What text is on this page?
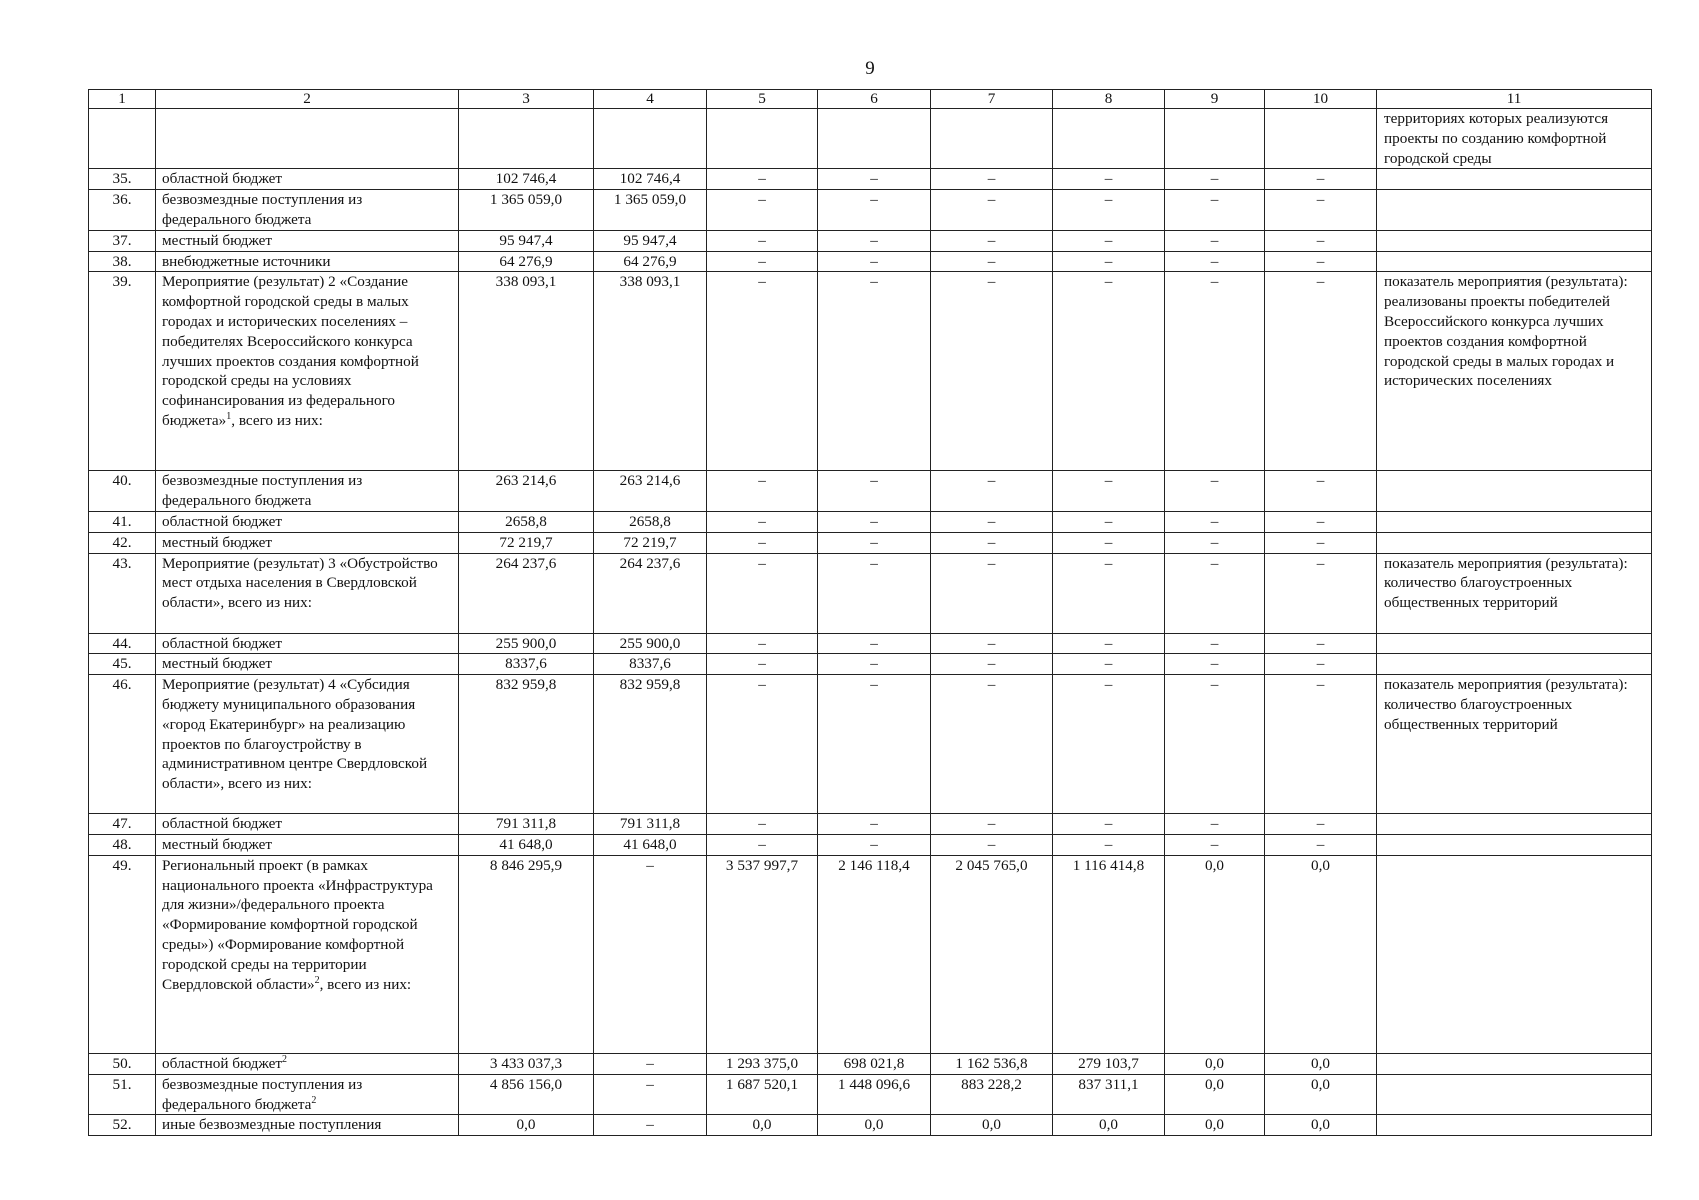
9
1	2	3	4	5	6	7	8	9	10	11
										территориях которых реализуются проекты по созданию комфортной городской среды
35.	областной бюджет	102 746,4	102 746,4	–	–	–	–	–	–	
36.	безвозмездные поступления из федерального бюджета	1 365 059,0	1 365 059,0	–	–	–	–	–	–	
37.	местный бюджет	95 947,4	95 947,4	–	–	–	–	–	–	
38.	внебюджетные источники	64 276,9	64 276,9	–	–	–	–	–	–	
39.	Мероприятие (результат) 2 «Создание комфортной городской среды в малых городах и исторических поселениях – победителях Всероссийского конкурса лучших проектов создания комфортной городской среды на условиях софинансирования из федерального бюджета»$^1$, всего из них:	338 093,1	338 093,1	–	–	–	–	–	–	показатель мероприятия (результата): реализованы проекты победителей Всероссийского конкурса лучших проектов создания комфортной городской среды в малых городах и исторических поселениях
40.	безвозмездные поступления из федерального бюджета	263 214,6	263 214,6	–	–	–	–	–	–	
41.	областной бюджет	2658,8	2658,8	–	–	–	–	–	–	
42.	местный бюджет	72 219,7	72 219,7	–	–	–	–	–	–	
43.	Мероприятие (результат) 3 «Обустройство мест отдыха населения в Свердловской области», всего из них:	264 237,6	264 237,6	–	–	–	–	–	–	показатель мероприятия (результата): количество благоустроенных общественных территорий
44.	областной бюджет	255 900,0	255 900,0	–	–	–	–	–	–	
45.	местный бюджет	8337,6	8337,6	–	–	–	–	–	–	
46.	Мероприятие (результат) 4 «Субсидия бюджету муниципального образования «город Екатеринбург» на реализацию проектов по благоустройству в административном центре Свердловской области», всего из них:	832 959,8	832 959,8	–	–	–	–	–	–	показатель мероприятия (результата): количество благоустроенных общественных территорий
47.	областной бюджет	791 311,8	791 311,8	–	–	–	–	–	–	
48.	местный бюджет	41 648,0	41 648,0	–	–	–	–	–	–	
49.	Региональный проект (в рамках национального проекта «Инфраструктура для жизни»/федерального проекта «Формирование комфортной городской среды») «Формирование комфортной городской среды на территории Свердловской области»$^2$, всего из них:	8 846 295,9	–	3 537 997,7	2 146 118,4	2 045 765,0	1 116 414,8	0,0	0,0	
50.	областной бюджет$^2$	3 433 037,3	–	1 293 375,0	698 021,8	1 162 536,8	279 103,7	0,0	0,0	
51.	безвозмездные поступления из федерального бюджета$^2$	4 856 156,0	–	1 687 520,1	1 448 096,6	883 228,2	837 311,1	0,0	0,0	
52.	иные безвозмездные поступления	0,0	–	0,0	0,0	0,0	0,0	0,0	0,0	
